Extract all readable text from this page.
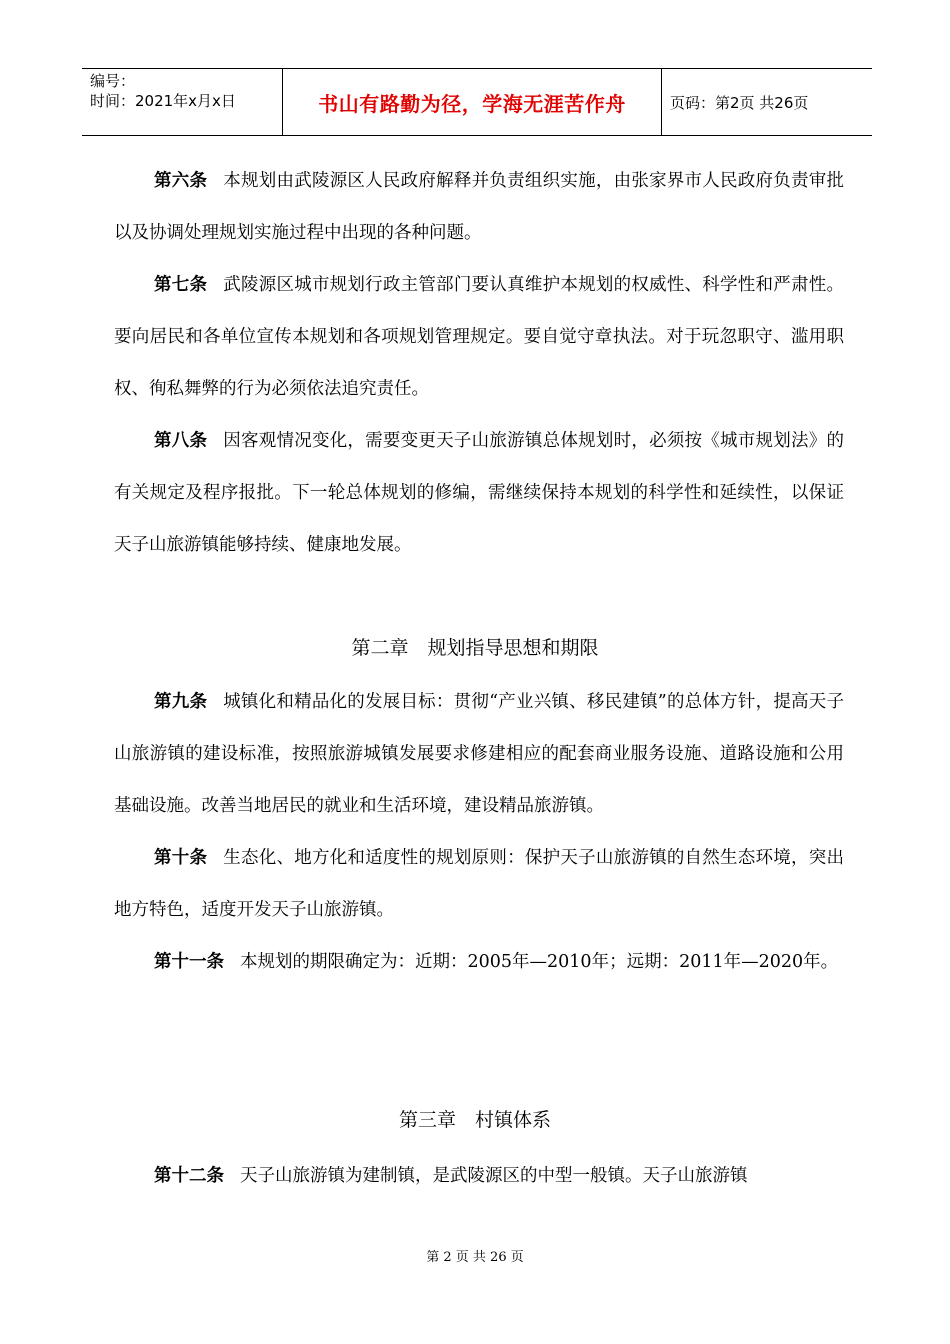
编号：
时间：2021年x月x日	书山有路勤为径，学海无涯苦作舟	页码：第2页 共26页
第六条 本规划由武陵源区人民政府解释并负责组织实施，由张家界市人民政府负责审批以及协调处理规划实施过程中出现的各种问题。
第七条 武陵源区城市规划行政主管部门要认真维护本规划的权威性、科学性和严肃性。要向居民和各单位宣传本规划和各项规划管理规定。要自觉守章执法。对于玩忽职守、滥用职权、徇私舞弊的行为必须依法追究责任。
第八条 因客观情况变化，需要变更天子山旅游镇总体规划时，必须按《城市规划法》的有关规定及程序报批。下一轮总体规划的修编，需继续保持本规划的科学性和延续性，以保证天子山旅游镇能够持续、健康地发展。
第二章　规划指导思想和期限
第九条 城镇化和精品化的发展目标：贯彻“产业兴镇、移民建镇”的总体方针，提高天子山旅游镇的建设标准，按照旅游城镇发展要求修建相应的配套商业服务设施、道路设施和公用基础设施。改善当地居民的就业和生活环境，建设精品旅游镇。
第十条 生态化、地方化和适度性的规划原则：保护天子山旅游镇的自然生态环境，突出地方特色，适度开发天子山旅游镇。
第十一条 本规划的期限确定为：近期：2005年—2010年；远期：2011年—2020年。
第三章　村镇体系
第十二条 天子山旅游镇为建制镇，是武陵源区的中型一般镇。天子山旅游镇
第 2 页 共 26 页
